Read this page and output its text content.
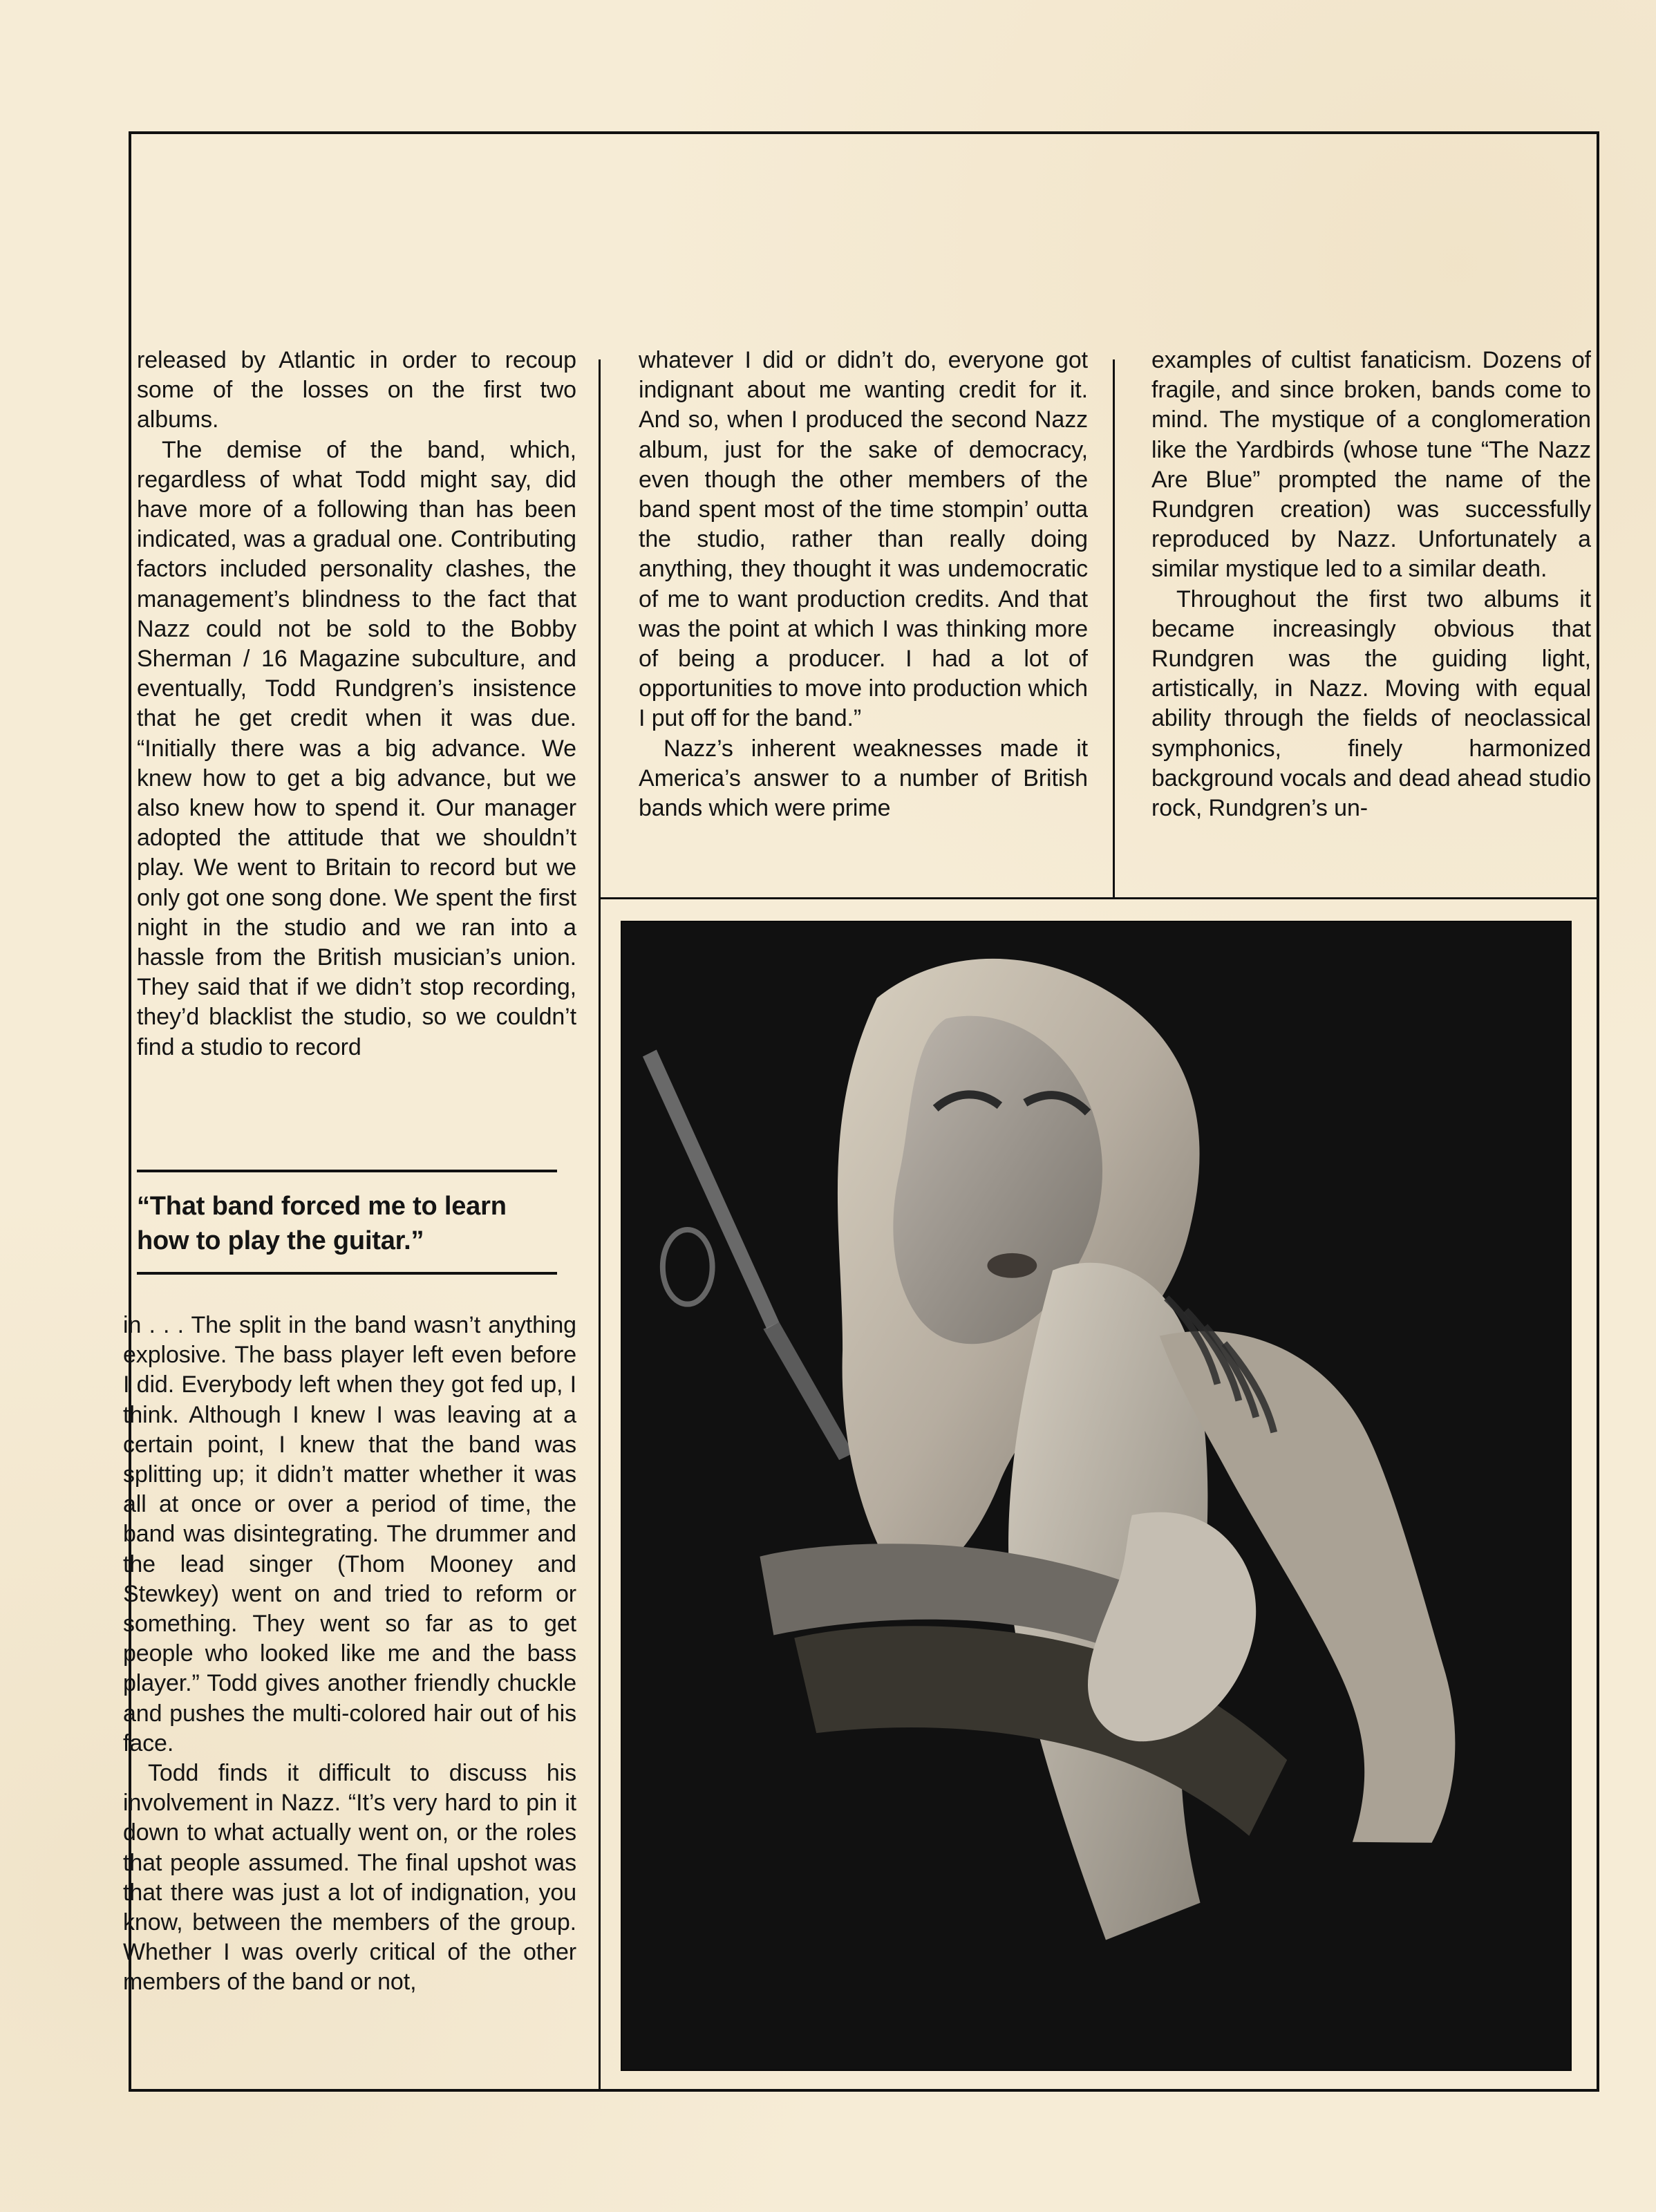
released by Atlantic in order to recoup some of the losses on the first two albums.

The demise of the band, which, regardless of what Todd might say, did have more of a following than has been indicated, was a gradual one. Contributing factors included personality clashes, the management’s blindness to the fact that Nazz could not be sold to the Bobby Sherman / 16 Magazine subculture, and eventually, Todd Rundgren’s insistence that he get credit when it was due. “Initially there was a big advance. We knew how to get a big advance, but we also knew how to spend it. Our manager adopted the attitude that we shouldn’t play. We went to Britain to record but we only got one song done. We spent the first night in the studio and we ran into a hassle from the British musician’s union. They said that if we didn’t stop recording, they’d blacklist the studio, so we couldn’t find a studio to record

“That band forced me to learn how to play the guitar.”

in . . . The split in the band wasn’t anything explosive. The bass player left even before I did. Everybody left when they got fed up, I think. Although I knew I was leaving at a certain point, I knew that the band was splitting up; it didn’t matter whether it was all at once or over a period of time, the band was disintegrating. The drummer and the lead singer (Thom Mooney and Stewkey) went on and tried to reform or something. They went so far as to get people who looked like me and the bass player.” Todd gives another friendly chuckle and pushes the multi-colored hair out of his face.

Todd finds it difficult to discuss his involvement in Nazz. “It’s very hard to pin it down to what actually went on, or the roles that people assumed. The final upshot was that there was just a lot of indignation, you know, between the members of the group. Whether I was overly critical of the other members of the band or not,

whatever I did or didn’t do, everyone got indignant about me wanting credit for it. And so, when I produced the second Nazz album, just for the sake of democracy, even though the other members of the band spent most of the time stompin’ outta the studio, rather than really doing anything, they thought it was undemocratic of me to want production credits. And that was the point at which I was thinking more of being a producer. I had a lot of opportunities to move into production which I put off for the band.”

Nazz’s inherent weaknesses made it America’s answer to a number of British bands which were prime

examples of cultist fanaticism. Dozens of fragile, and since broken, bands come to mind. The mystique of a conglomeration like the Yardbirds (whose tune “The Nazz Are Blue” prompted the name of the Rundgren creation) was successfully reproduced by Nazz. Unfortunately a similar mystique led to a similar death.

Throughout the first two albums it became increasingly obvious that Rundgren was the guiding light, artistically, in Nazz. Moving with equal ability through the fields of neoclassical symphonics, finely harmonized background vocals and dead ahead studio rock, Rundgren’s un-
